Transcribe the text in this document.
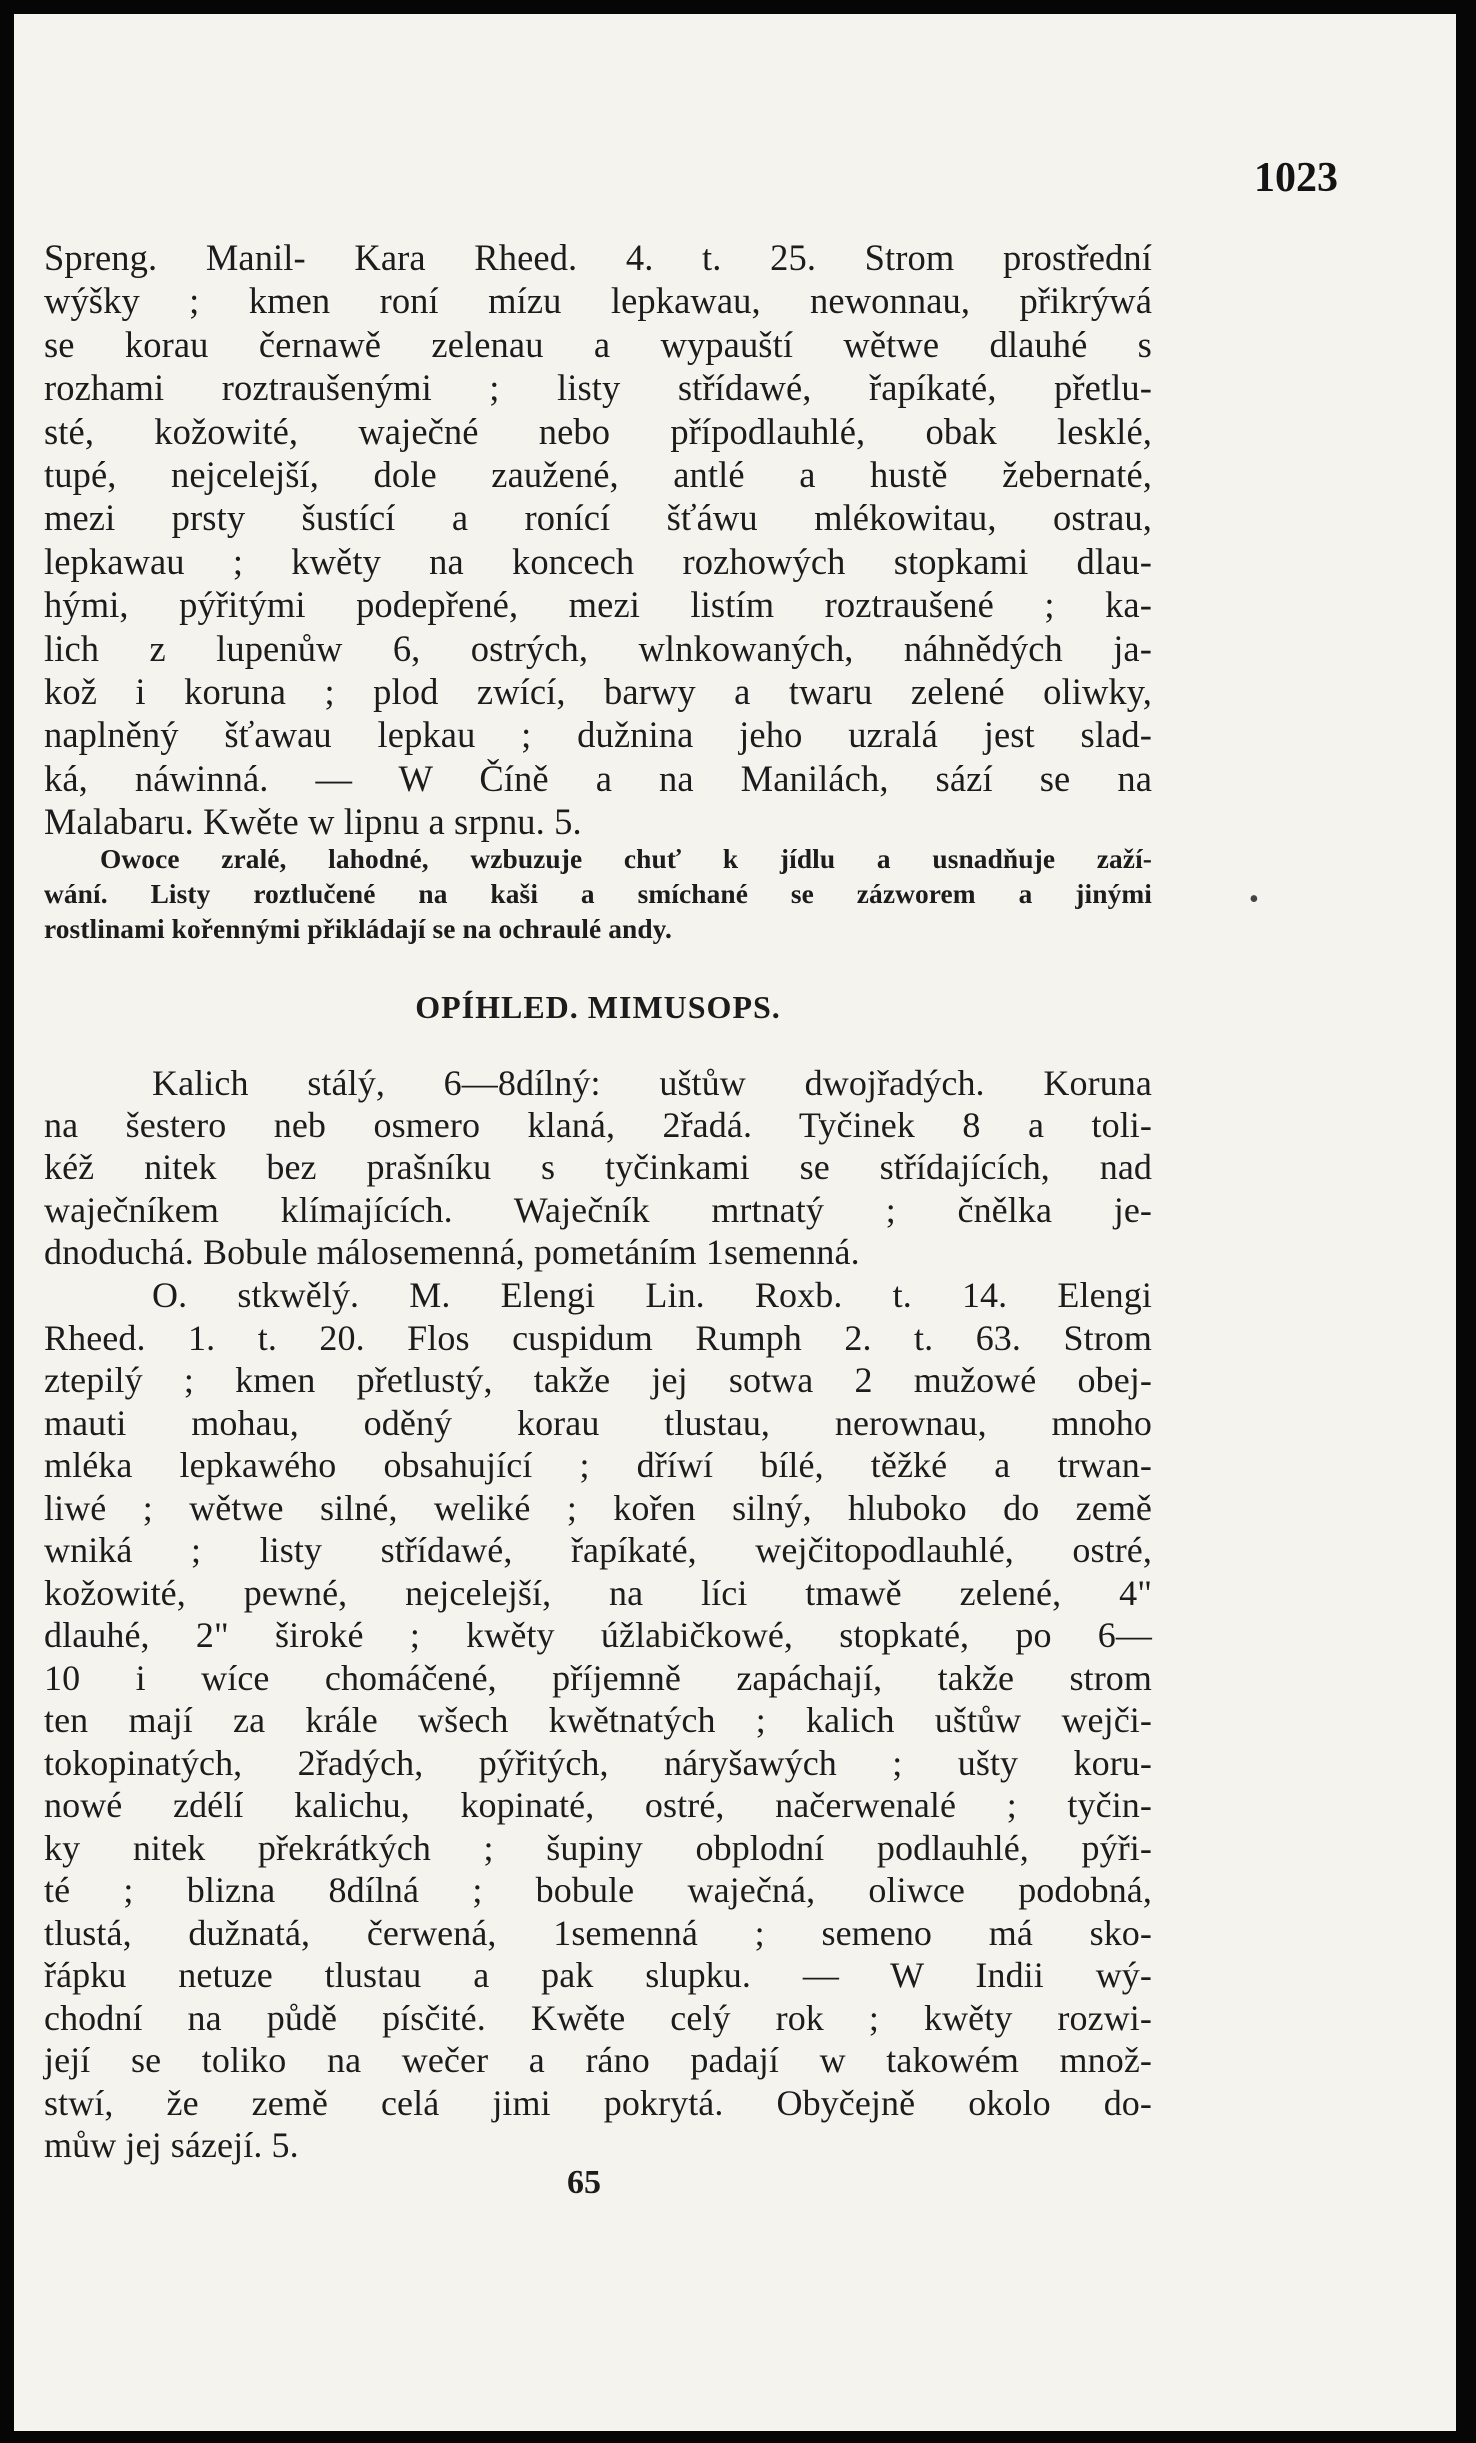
1023

Spreng. Manil- Kara Rheed. 4. t. 25. Strom prostřední

wýšky ; kmen roní mízu lepkawau, newonnau, přikrýwá

se korau černawě zelenau a wypauští wětwe dlauhé s

rozhami roztraušenými ; listy střídawé, řapíkaté, přetlu-

sté, kožowité, waječné nebo přípodlauhlé, obak lesklé,

tupé, nejcelejší, dole zaužené, antlé a hustě žebernaté,

mezi prsty šustící a ronící šťáwu mlékowitau, ostrau,

lepkawau ; kwěty na koncech rozhowých stopkami dlau-

hými, pýřitými podepřené, mezi listím roztraušené ; ka-

lich z lupenůw 6, ostrých, wlnkowaných, náhnědých ja-

kož i koruna ; plod zwící, barwy a twaru zelené oliwky,

naplněný šťawau lepkau ; dužnina jeho uzralá jest slad-

ká, náwinná. — W Číně a na Manilách, sází se na

Malabaru. Kwěte w lipnu a srpnu. 5.

Owoce zralé, lahodné, wzbuzuje chuť k jídlu a usnadňuje zaží-

wání. Listy roztlučené na kaši a smíchané se zázworem a jinými

rostlinami kořennými přikládají se na ochraulé andy.

•
OPÍHLED. MIMUSOPS.

Kalich stálý, 6—8dílný: uštůw dwojřadých. Koruna

na šestero neb osmero klaná, 2řadá. Tyčinek 8 a toli-

kéž nitek bez prašníku s tyčinkami se střídajících, nad

waječníkem klímajících. Waječník mrtnatý ; čnělka je-

dnoduchá. Bobule málosemenná, pometáním 1semenná.

O. stkwělý. M. Elengi Lin. Roxb. t. 14. Elengi

Rheed. 1. t. 20. Flos cuspidum Rumph 2. t. 63. Strom

ztepilý ; kmen přetlustý, takže jej sotwa 2 mužowé obej-

mauti mohau, oděný korau tlustau, nerownau, mnoho

mléka lepkawého obsahující ; dříwí bílé, těžké a trwan-

liwé ; wětwe silné, weliké ; kořen silný, hluboko do země

wniká ; listy střídawé, řapíkaté, wejčitopodlauhlé, ostré,

kožowité, pewné, nejcelejší, na líci tmawě zelené, 4"

dlauhé, 2" široké ; kwěty úžlabičkowé, stopkaté, po 6—

10 i wíce chomáčené, příjemně zapáchají, takže strom

ten mají za krále wšech kwětnatých ; kalich uštůw wejči-

tokopinatých, 2řadých, pýřitých, náryšawých ; ušty koru-

nowé zdélí kalichu, kopinaté, ostré, načerwenalé ; tyčin-

ky nitek překrátkých ; šupiny obplodní podlauhlé, pýři-

té ; blizna 8dílná ; bobule waječná, oliwce podobná,

tlustá, dužnatá, čerwená, 1semenná ; semeno má sko-

řápku netuze tlustau a pak slupku. — W Indii wý-

chodní na půdě písčité. Kwěte celý rok ; kwěty rozwi-

její se toliko na wečer a ráno padají w takowém množ-

stwí, že země celá jimi pokrytá. Obyčejně okolo do-

můw jej sázejí. 5.

65
